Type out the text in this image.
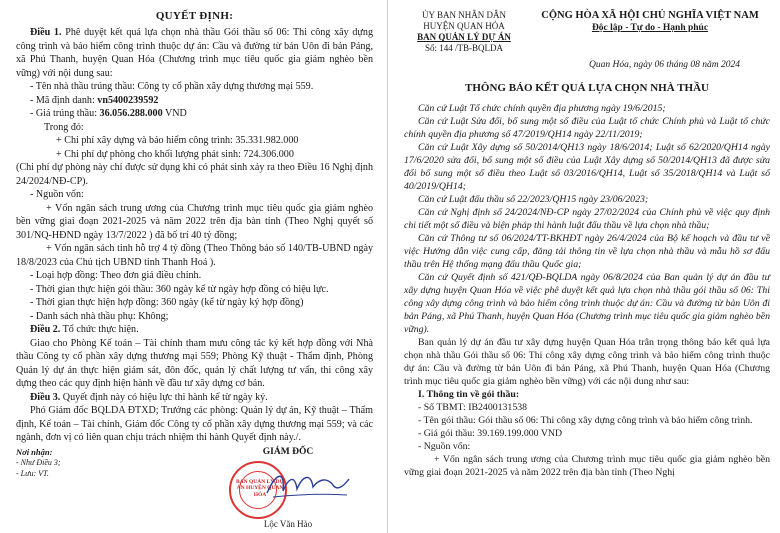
QUYẾT ĐỊNH:

Điều 1. Phê duyệt kết quả lựa chọn nhà thầu Gói thầu số 06: Thi công xây dựng công trình và bảo hiểm công trình thuộc dự án: Cầu và đường từ bản Uôn đi bản Páng, xã Phú Thanh, huyện Quan Hóa (Chương trình mục tiêu quốc gia giảm nghèo bền vững) với nội dung sau:

- Tên nhà thầu trúng thầu: Công ty cổ phần xây dựng thương mại 559.

- Mã định danh: vn5400239592

- Giá trúng thầu: 36.056.288.000 VND

Trong đó:

+ Chi phí xây dựng và bảo hiểm công trình: 35.331.982.000

+ Chi phí dự phòng cho khối lượng phát sinh: 724.306.000

(Chi phí dự phòng này chỉ được sử dụng khi có phát sinh xảy ra theo Điều 16 Nghị định 24/2024/NĐ-CP).

- Nguồn vốn:

+ Vốn ngân sách trung ương của Chương trình mục tiêu quốc gia giảm nghèo bền vững giai đoạn 2021-2025 và năm 2022 trên địa bàn tỉnh (Theo Nghị quyết số 301/NQ-HĐND ngày 13/7/2022 ) đã bố trí 40 tỷ đồng;

+ Vốn ngân sách tỉnh hỗ trợ 4 tỷ đồng (Theo Thông báo số 140/TB-UBND ngày 18/8/2023 của Chủ tịch UBND tỉnh Thanh Hoá ).

- Loại hợp đồng: Theo đơn giá điều chỉnh.

- Thời gian thực hiện gói thầu: 360 ngày kể từ ngày hợp đồng có hiệu lực.

- Thời gian thực hiện hợp đồng: 360 ngày (kể từ ngày ký hợp đồng)

- Danh sách nhà thầu phụ: Không;

Điều 2. Tổ chức thực hiện.

Giao cho Phòng Kế toán – Tài chính tham mưu công tác ký kết hợp đồng với Nhà thầu Công ty cổ phần xây dựng thương mại 559; Phòng Kỹ thuật - Thẩm định, Phòng Quản lý dự án thực hiện giám sát, đôn đốc, quản lý chất lượng tư vấn, thi công xây dựng theo các quy định hiện hành về đầu tư xây dựng cơ bản.

Điều 3. Quyết định này có hiệu lực thi hành kể từ ngày ký.

Phó Giám đốc BQLDA ĐTXD; Trưởng các phòng: Quản lý dự án, Kỹ thuật – Thẩm định, Kế toán – Tài chính, Giám đốc Công ty cổ phần xây dựng thương mại 559; và các ngành, đơn vị có liên quan chịu trách nhiệm thi hành Quyết định này./.

Nơi nhận:
- Như Điều 3;
- Lưu: VT.
GIÁM ĐỐC
BAN QUẢN LÝ DỰ ÁN HUYỆN QUAN HÓA
Lộc Văn Hào
ỦY BAN NHÂN DÂN
HUYỆN QUAN HÓA
BAN QUẢN LÝ DỰ ÁN
Số: 144 /TB-BQLDA
CỘNG HÒA XÃ HỘI CHỦ NGHĨA VIỆT NAM
Độc lập - Tự do - Hạnh phúc
Quan Hóa, ngày 06 tháng 08 năm 2024
THÔNG BÁO KẾT QUẢ LỰA CHỌN NHÀ THẦU

Căn cứ Luật Tổ chức chính quyền địa phương ngày 19/6/2015;

Căn cứ Luật Sửa đổi, bổ sung một số điều của Luật tổ chức Chính phủ và Luật tổ chức chính quyền địa phương số 47/2019/QH14 ngày 22/11/2019;

Căn cứ Luật Xây dựng số 50/2014/QH13 ngày 18/6/2014; Luật số 62/2020/QH14 ngày 17/6/2020 sửa đổi, bổ sung một số điều của Luật Xây dựng số 50/2014/QH13 đã được sửa đổi bổ sung một số điều theo Luật số 03/2016/QH14, Luật số 35/2018/QH14 và Luật số 40/2019/QH14;

Căn cứ Luật đấu thầu số 22/2023/QH15 ngày 23/06/2023;

Căn cứ Nghị định số 24/2024/NĐ-CP ngày 27/02/2024 của Chính phủ về việc quy định chi tiết một số điều và biện pháp thi hành luật đấu thầu về lựa chọn nhà thầu;

Căn cứ Thông tư số 06/2024/TT-BKHĐT ngày 26/4/2024 của Bộ kế hoạch và đầu tư về việc Hướng dẫn việc cung cấp, đăng tải thông tin về lựa chọn nhà thầu và mẫu hồ sơ đấu thầu trên Hệ thống mạng đấu thầu Quốc gia;

Căn cứ Quyết định số 421/QĐ-BQLDA ngày 06/8/2024 của Ban quản lý dự án đầu tư xây dựng huyện Quan Hóa về việc phê duyệt kết quả lựa chọn nhà thầu gói thầu số 06: Thi công xây dựng công trình và bảo hiểm công trình thuộc dự án: Cầu và đường từ bản Uôn đi bản Páng, xã Phú Thanh, huyện Quan Hóa (Chương trình mục tiêu quốc gia giảm nghèo bền vững).

Ban quản lý dự án đầu tư xây dựng huyện Quan Hóa trân trọng thông báo kết quả lựa chọn nhà thầu Gói thầu số 06: Thi công xây dựng công trình và bảo hiểm công trình thuộc dự án: Cầu và đường từ bản Uôn đi bản Páng, xã Phú Thanh, huyện Quan Hóa (Chương trình mục tiêu quốc gia giảm nghèo bền vững) với các nội dung như sau:

I. Thông tin về gói thầu:

- Số TBMT: IB2400131538

- Tên gói thầu: Gói thầu số 06: Thi công xây dựng công trình và bảo hiểm công trình.

- Giá gói thầu: 39.169.199.000 VND

- Nguồn vốn:

+ Vốn ngân sách trung ương của Chương trình mục tiêu quốc gia giảm nghèo bền vững giai đoạn 2021-2025 và năm 2022 trên địa bàn tỉnh (Theo Nghị
